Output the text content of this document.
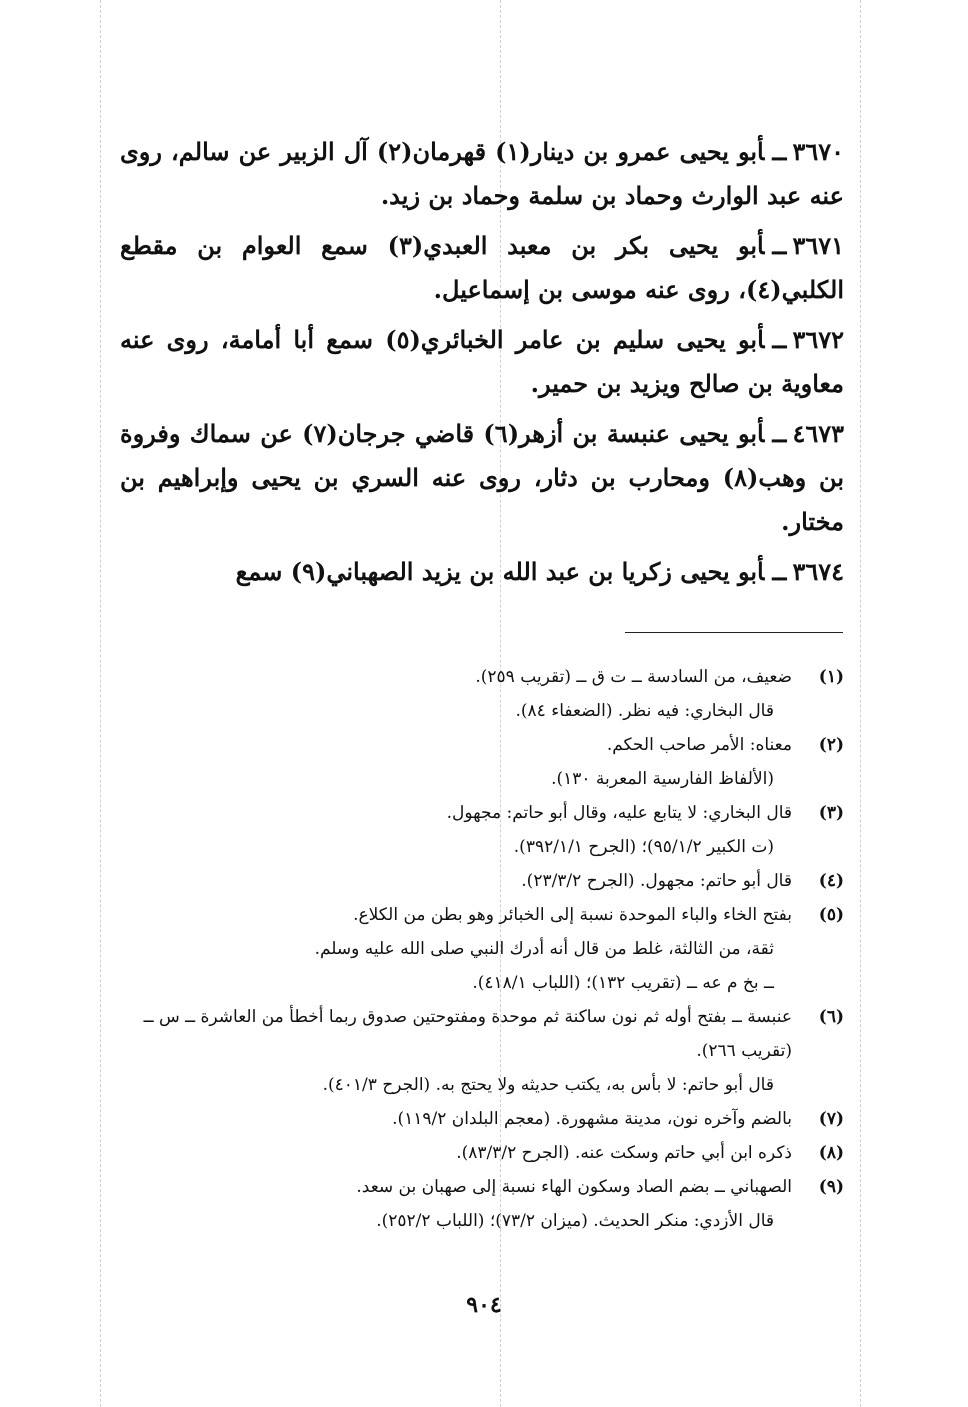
٣٦٧٠ــأبو يحيى عمرو بن دينار(١) قهرمان(٢) آل الزبير عن سالم، روى عنه عبد الوارث وحماد بن سلمة وحماد بن زيد.
٣٦٧١ــأبو يحيى بكر بن معبد العبدي(٣) سمع العوام بن مقطع الكلبي(٤)، روى عنه موسى بن إسماعيل.
٣٦٧٢ــأبو يحيى سليم بن عامر الخبائري(٥) سمع أبا أمامة، روى عنه معاوية بن صالح ويزيد بن حمير.
٤٦٧٣ــأبو يحيى عنبسة بن أزهر(٦) قاضي جرجان(٧) عن سماك وفروة بن وهب(٨) ومحارب بن دثار، روى عنه السري بن يحيى وإبراهيم بن مختار.
٣٦٧٤ــأبو يحيى زكريا بن عبد الله بن يزيد الصهباني(٩) سمع
(١)
ضعيف، من السادسة ــ ت ق ــ (تقريب ٢٥٩).
قال البخاري: فيه نظر. (الضعفاء ٨٤).
(٢)
معناه: الأمر صاحب الحكم.
(الألفاظ الفارسية المعربة ١٣٠).
(٣)
قال البخاري: لا يتابع عليه، وقال أبو حاتم: مجهول.
(ت الكبير ٩٥/١/٢)؛ (الجرح ٣٩٢/١/١).
(٤)
قال أبو حاتم: مجهول. (الجرح ٢٣/٣/٢).
(٥)
بفتح الخاء والباء الموحدة نسبة إلى الخبائر وهو بطن من الكلاع.
ثقة، من الثالثة، غلط من قال أنه أدرك النبي صلى الله عليه وسلم.
ــ بخ م عه ــ (تقريب ١٣٢)؛ (اللباب ٤١٨/١).
(٦)
عنبسة ــ بفتح أوله ثم نون ساكنة ثم موحدة ومفتوحتين صدوق ربما أخطأ من العاشرة ــ س ــ (تقريب ٢٦٦).
قال أبو حاتم: لا بأس به، يكتب حديثه ولا يحتج به. (الجرح ٤٠١/٣).
(٧)
بالضم وآخره نون، مدينة مشهورة. (معجم البلدان ١١٩/٢).
(٨)
ذكره ابن أبي حاتم وسكت عنه. (الجرح ٨٣/٣/٢).
(٩)
الصهباني ــ بضم الصاد وسكون الهاء نسبة إلى صهبان بن سعد.
قال الأزدي: منكر الحديث. (ميزان ٧٣/٢)؛ (اللباب ٢٥٢/٢).
٩٠٤
